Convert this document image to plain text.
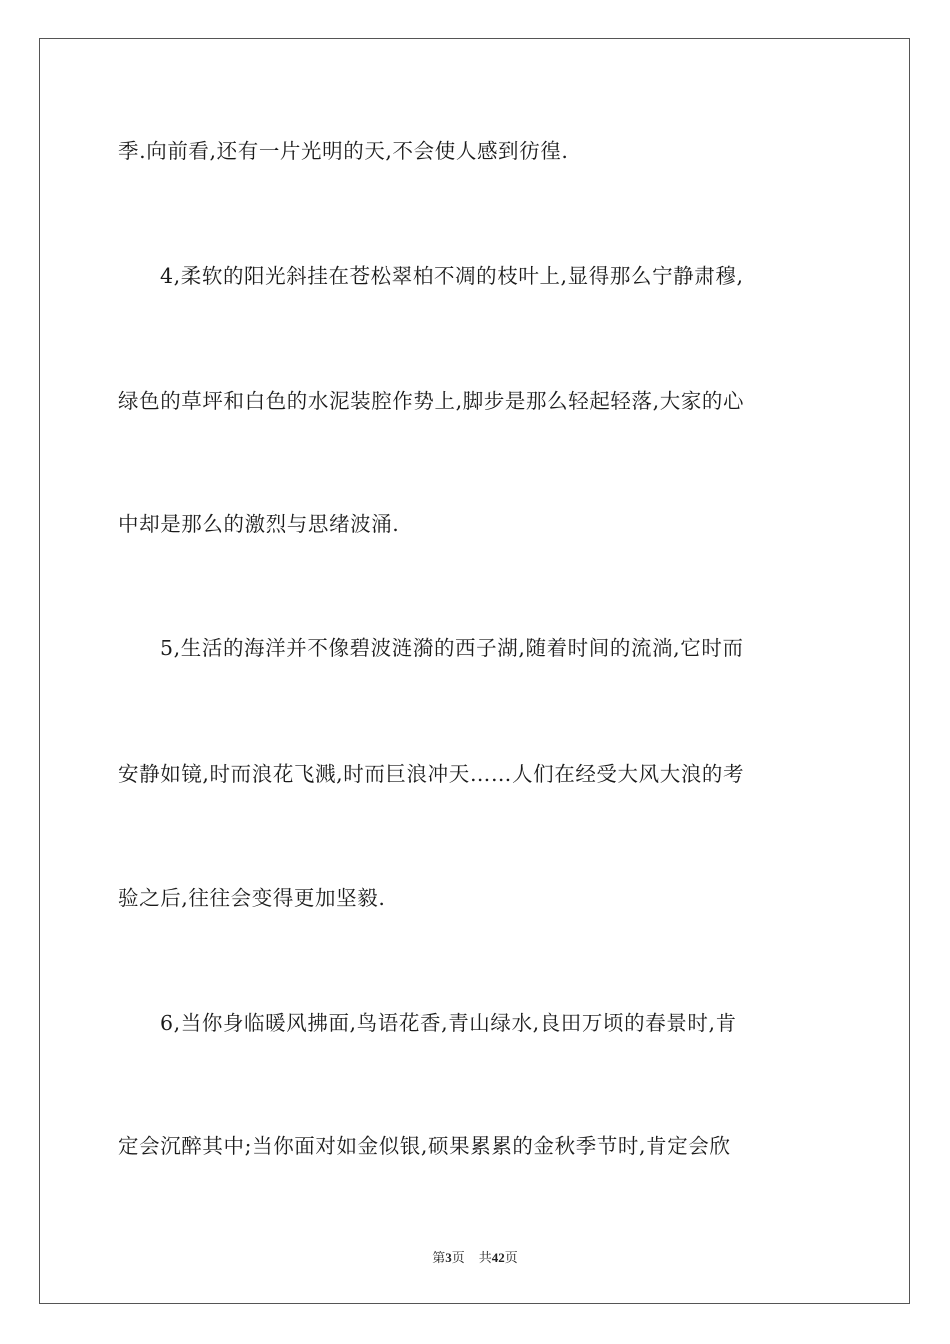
季.向前看,还有一片光明的天,不会使人感到彷徨.
4,柔软的阳光斜挂在苍松翠柏不凋的枝叶上,显得那么宁静肃穆,
绿色的草坪和白色的水泥装腔作势上,脚步是那么轻起轻落,大家的心
中却是那么的激烈与思绪波涌.
5,生活的海洋并不像碧波涟漪的西子湖,随着时间的流淌,它时而
安静如镜,时而浪花飞溅,时而巨浪冲天……人们在经受大风大浪的考
验之后,往往会变得更加坚毅.
6,当你身临暖风拂面,鸟语花香,青山绿水,良田万顷的春景时,肯
定会沉醉其中;当你面对如金似银,硕果累累的金秋季节时,肯定会欣
第3页 共42页
